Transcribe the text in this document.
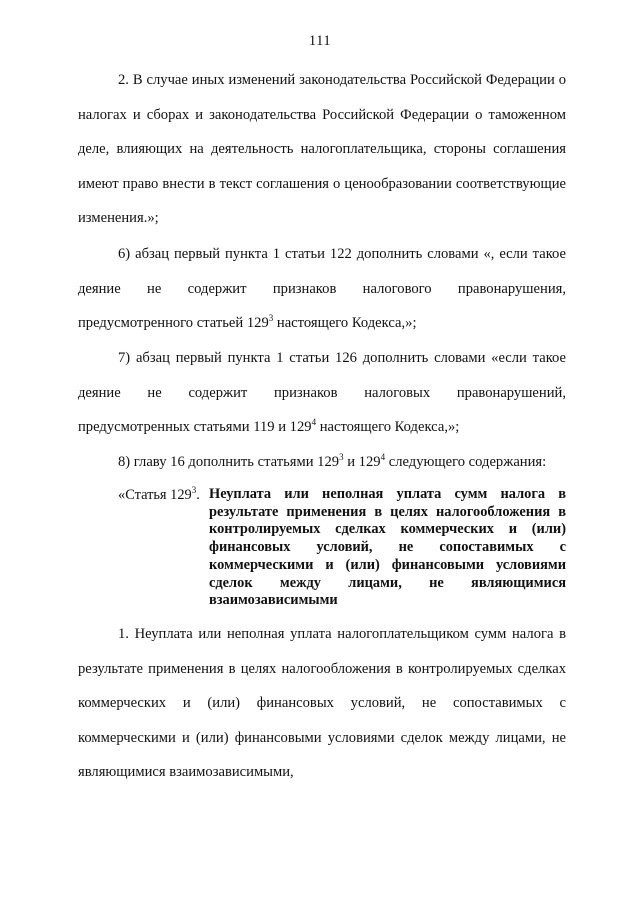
111

2. В случае иных изменений законодательства Российской Федерации о налогах и сборах и законодательства Российской Федерации о таможенном деле, влияющих на деятельность налогоплательщика, стороны соглашения имеют право внести в текст соглашения о ценообразовании соответствующие изменения.»;

6) абзац первый пункта 1 статьи 122 дополнить словами «, если такое деяние не содержит признаков налогового правонарушения, предусмотренного статьей $129^3$ настоящего Кодекса,»;

7) абзац первый пункта 1 статьи 126 дополнить словами «если такое деяние не содержит признаков налоговых правонарушений, предусмотренных статьями 119 и $129^4$ настоящего Кодекса,»;

8) главу 16 дополнить статьями $129^3$ и $129^4$ следующего содержания:

«Статья $129^3$. Неуплата или неполная уплата сумм налога в результате применения в целях налогообложения в контролируемых сделках коммерческих и (или) финансовых условий, не сопоставимых с коммерческими и (или) финансовыми условиями сделок между лицами, не являющимися взаимозависимыми

1. Неуплата или неполная уплата налогоплательщиком сумм налога в результате применения в целях налогообложения в контролируемых сделках коммерческих и (или) финансовых условий, не сопоставимых с коммерческими и (или) финансовыми условиями сделок между лицами, не являющимися взаимозависимыми,
